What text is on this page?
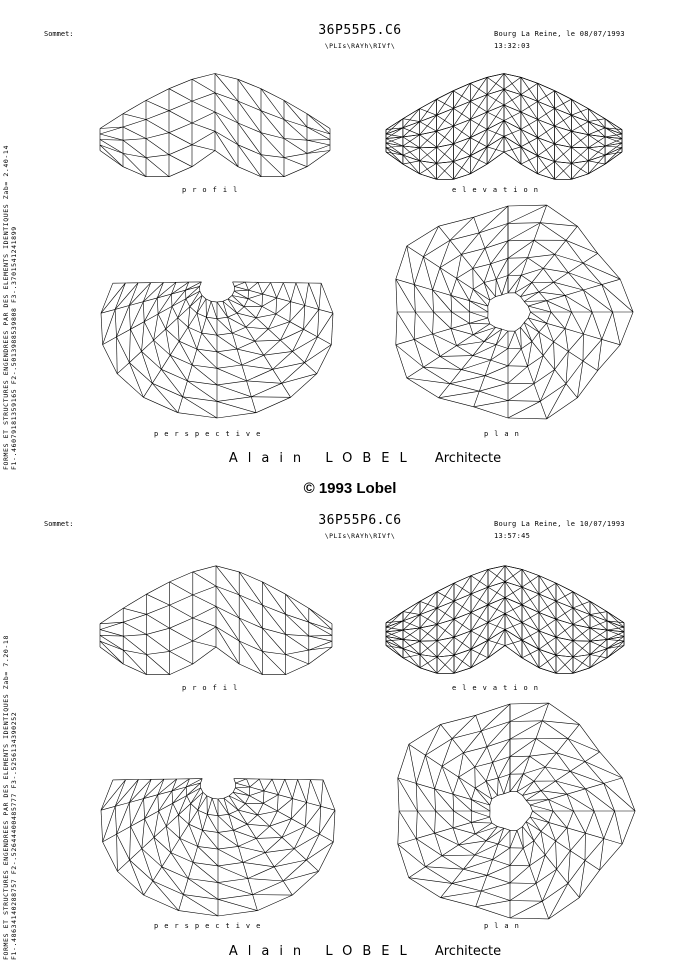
FORMES ET STRUCTURES ENGENDREES PAR DES ELEMENTS IDENTIQUES Zab= 2.40-14 F1-.46079181359165 F2-.5013988539808 F3-.3701541241899
Sommet:	36P55P5.C6
\PLIs\RAYh\RIVf\
Bourg La Reine, le 08/07/1993
13:32:03
profil	elevation
perspective	plan
Alain LOBEL Architecte
© 1993 Lobel
FORMES ET STRUCTURES ENGENDREES PAR DES ELEMENTS IDENTIQUES Zab= 7.20-18 F1-.48634140288757 F2-.52644400485777 F3-.5256134390252
Sommet:	36P55P6.C6
\PLIs\RAYh\RIVf\
Bourg La Reine, le 10/07/1993
13:57:45
profil	elevation
perspective	plan
Alain LOBEL Architecte
